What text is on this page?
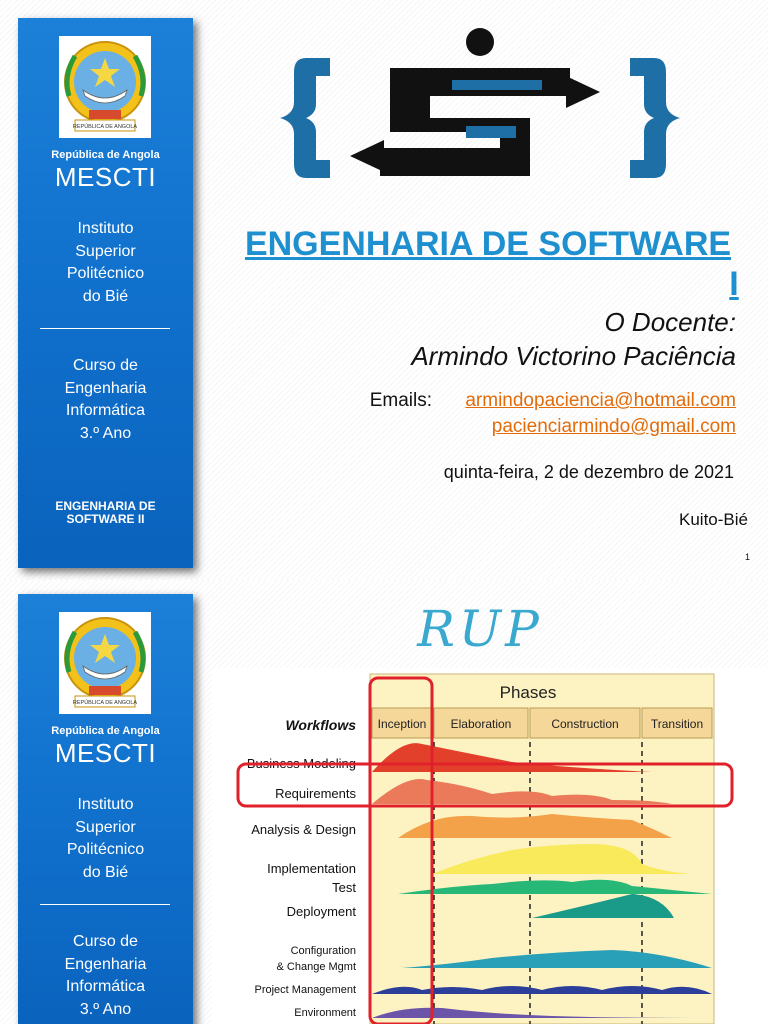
REPÚBLICA DE ANGOLA
República de Angola
MESCTI
Instituto
Superior
Politécnico
do Bié
Curso de
Engenharia
Informática
3.º Ano
ENGENHARIA DE
SOFTWARE II
ENGENHARIA DE SOFTWARE
I
O Docente:
Armindo Victorino Paciência
Emails: armindopaciencia@hotmail.com
pacienciarmindo@gmail.com
quinta-feira, 2 de dezembro de 2021
Kuito-Bié
1
REPÚBLICA DE ANGOLA
República de Angola
MESCTI
Instituto
Superior
Politécnico
do Bié
Curso de
Engenharia
Informática
3.º Ano
RUP
Phases
Inception Elaboration	Construction	Transition
Workflows
Business Modeling
Requirements
Analysis & Design
Implementation
Test
Deployment
Configuration
& Change Mgmt
Project Management
Environment
